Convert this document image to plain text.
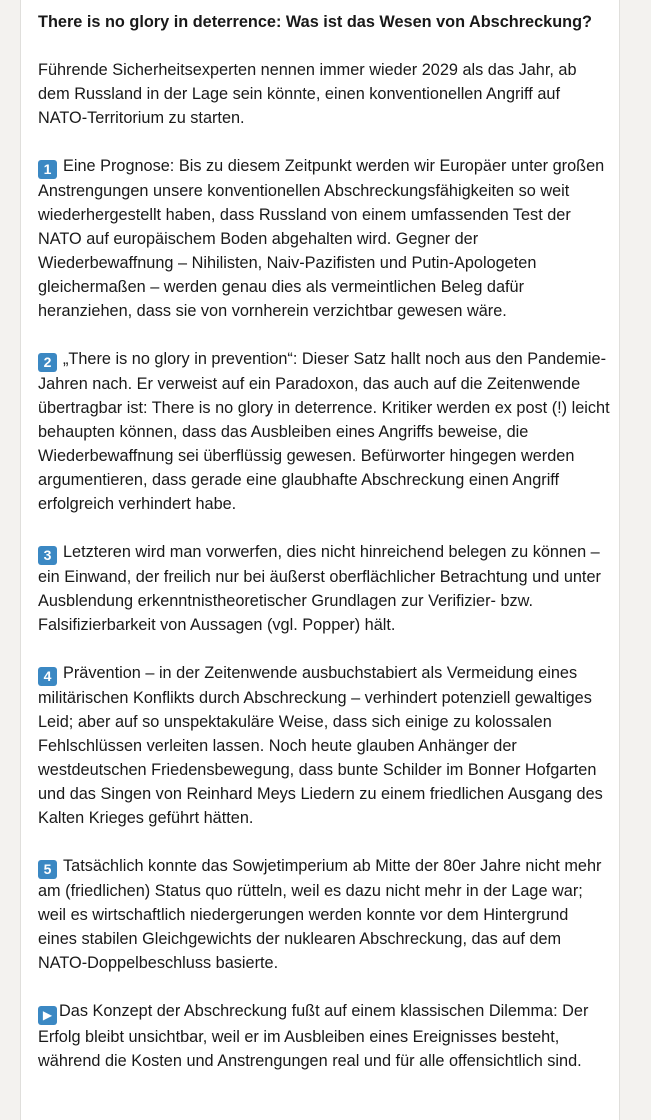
There is no glory in deterrence: Was ist das Wesen von Abschreckung?
Führende Sicherheitsexperten nennen immer wieder 2029 als das Jahr, ab dem Russland in der Lage sein könnte, einen konventionellen Angriff auf NATO-Territorium zu starten.
1 Eine Prognose: Bis zu diesem Zeitpunkt werden wir Europäer unter großen Anstrengungen unsere konventionellen Abschreckungsfähigkeiten so weit wiederhergestellt haben, dass Russland von einem umfassenden Test der NATO auf europäischem Boden abgehalten wird. Gegner der Wiederbewaffnung – Nihilisten, Naiv-Pazifisten und Putin-Apologeten gleichermaßen – werden genau dies als vermeintlichen Beleg dafür heranziehen, dass sie von vornherein verzichtbar gewesen wäre.
2 „There is no glory in prevention“: Dieser Satz hallt noch aus den Pandemie-Jahren nach. Er verweist auf ein Paradoxon, das auch auf die Zeitenwende übertragbar ist: There is no glory in deterrence. Kritiker werden ex post (!) leicht behaupten können, dass das Ausbleiben eines Angriffs beweise, die Wiederbewaffnung sei überflüssig gewesen. Befürworter hingegen werden argumentieren, dass gerade eine glaubhafte Abschreckung einen Angriff erfolgreich verhindert habe.
3 Letzteren wird man vorwerfen, dies nicht hinreichend belegen zu können – ein Einwand, der freilich nur bei äußerst oberflächlicher Betrachtung und unter Ausblendung erkenntnistheoretischer Grundlagen zur Verifizier- bzw. Falsifizierbarkeit von Aussagen (vgl. Popper) hält.
4 Prävention – in der Zeitenwende ausbuchstabiert als Vermeidung eines militärischen Konflikts durch Abschreckung – verhindert potenziell gewaltiges Leid; aber auf so unspektakuläre Weise, dass sich einige zu kolossalen Fehlschlüssen verleiten lassen. Noch heute glauben Anhänger der westdeutschen Friedensbewegung, dass bunte Schilder im Bonner Hofgarten und das Singen von Reinhard Meys Liedern zu einem friedlichen Ausgang des Kalten Krieges geführt hätten.
5 Tatsächlich konnte das Sowjetimperium ab Mitte der 80er Jahre nicht mehr am (friedlichen) Status quo rütteln, weil es dazu nicht mehr in der Lage war; weil es wirtschaftlich niedergerungen werden konnte vor dem Hintergrund eines stabilen Gleichgewichts der nuklearen Abschreckung, das auf dem NATO-Doppelbeschluss basierte.
▶ Das Konzept der Abschreckung fußt auf einem klassischen Dilemma: Der Erfolg bleibt unsichtbar, weil er im Ausbleiben eines Ereignisses besteht, während die Kosten und Anstrengungen real und für alle offensichtlich sind.
